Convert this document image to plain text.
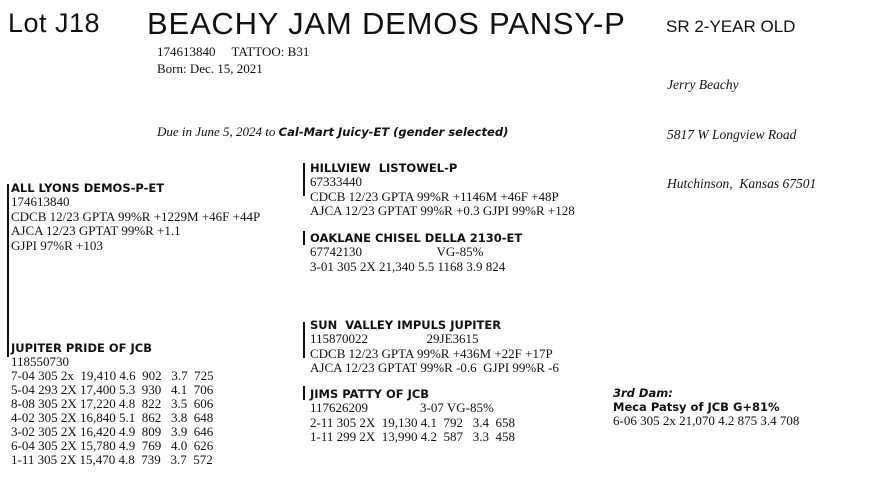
Lot J18 BEACHY JAM DEMOS PANSY-P SR 2-YEAR OLD
174613840     TATTOO: B31
Born: Dec. 15, 2021

Jerry Beachy

5817 W Longview Road

Hutchinson,  Kansas 67501

Due in June 5, 2024 to Cal-Mart Juicy-ET (gender selected)
ALL LYONS DEMOS-P-ET
174613840
CDCB 12/23 GPTA 99%R +1229M +46F +44P
AJCA 12/23 GPTAT 99%R +1.1
GJPI 97%R +103
HILLVIEW  LISTOWEL-P
67333440
CDCB 12/23 GPTA 99%R +1146M +46F +48P
AJCA 12/23 GPTAT 99%R +0.3 GJPI 99%R +128
OAKLANE CHISEL DELLA 2130-ET
67742130                       VG-85%
3-01 305 2X 21,340 5.5 1168 3.9 824
JUPITER PRIDE OF JCB
118550730
7-04 305 2x  19,410 4.6  902   3.7  725
5-04 293 2X 17,400 5.3  930   4.1  706
8-08 305 2X 17,220 4.8  822   3.5  606
4-02 305 2X 16,840 5.1  862   3.8  648
3-02 305 2X 16,420 4.9  809   3.9  646
6-04 305 2X 15,780 4.9  769   4.0  626
1-11 305 2X 15,470 4.8  739   3.7  572
SUN  VALLEY IMPULS JUPITER
115870022                  29JE3615
CDCB 12/23 GPTA 99%R +436M +22F +17P
AJCA 12/23 GPTAT 99%R -0.6  GJPI 99%R -6
JIMS PATTY OF JCB
117626209                3-07 VG-85%
2-11 305 2X  19,130 4.1  792   3.4  658
1-11 299 2X  13,990 4.2  587   3.3  458
3rd Dam:
Meca Patsy of JCB G+81%
6-06 305 2x 21,070 4.2 875 3.4 708
